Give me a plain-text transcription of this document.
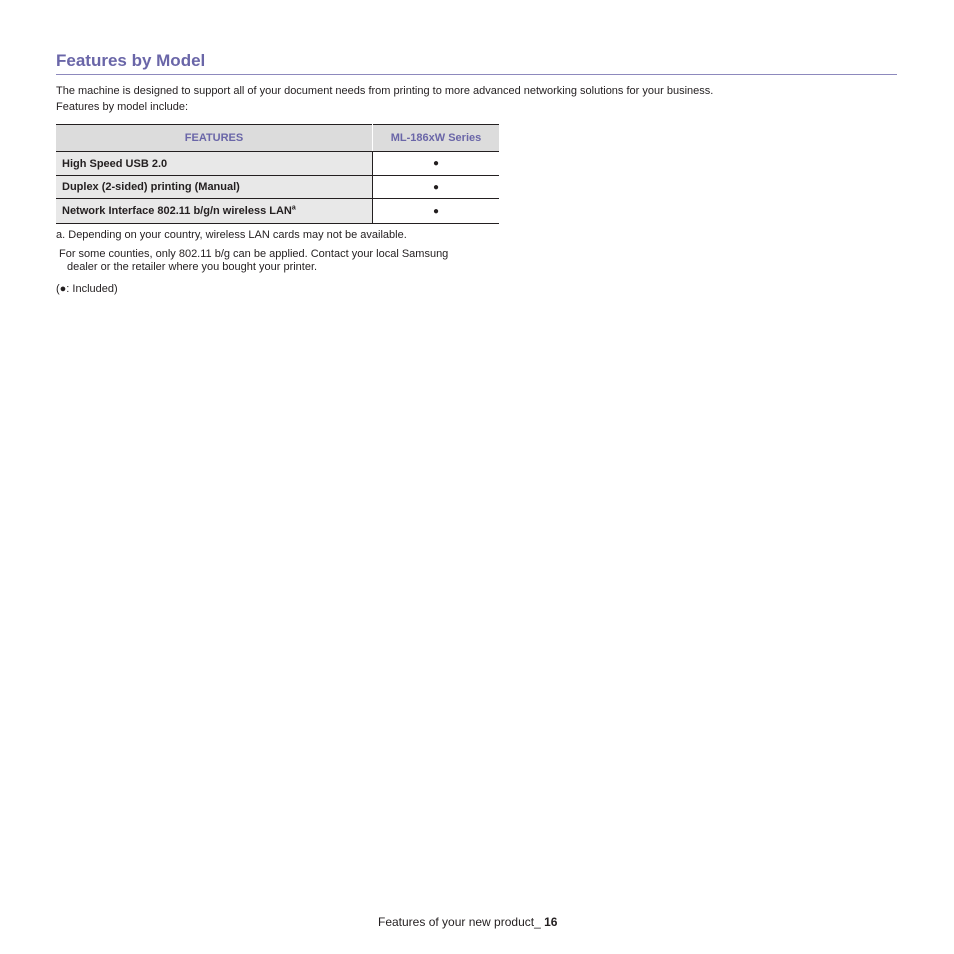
Features by Model

The machine is designed to support all of your document needs from printing to more advanced networking solutions for your business.

Features by model include:

FEATURES	ML-186xW Series
High Speed USB 2.0	●
Duplex (2-sided) printing (Manual)	●
Network Interface 802.11 b/g/n wireless LAN$^a$	●

a. Depending on your country, wireless LAN cards may not be available.

For some counties, only 802.11 b/g can be applied. Contact your local Samsung
dealer or the retailer where you bought your printer.

(●: Included)

Features of your new product_ 16
